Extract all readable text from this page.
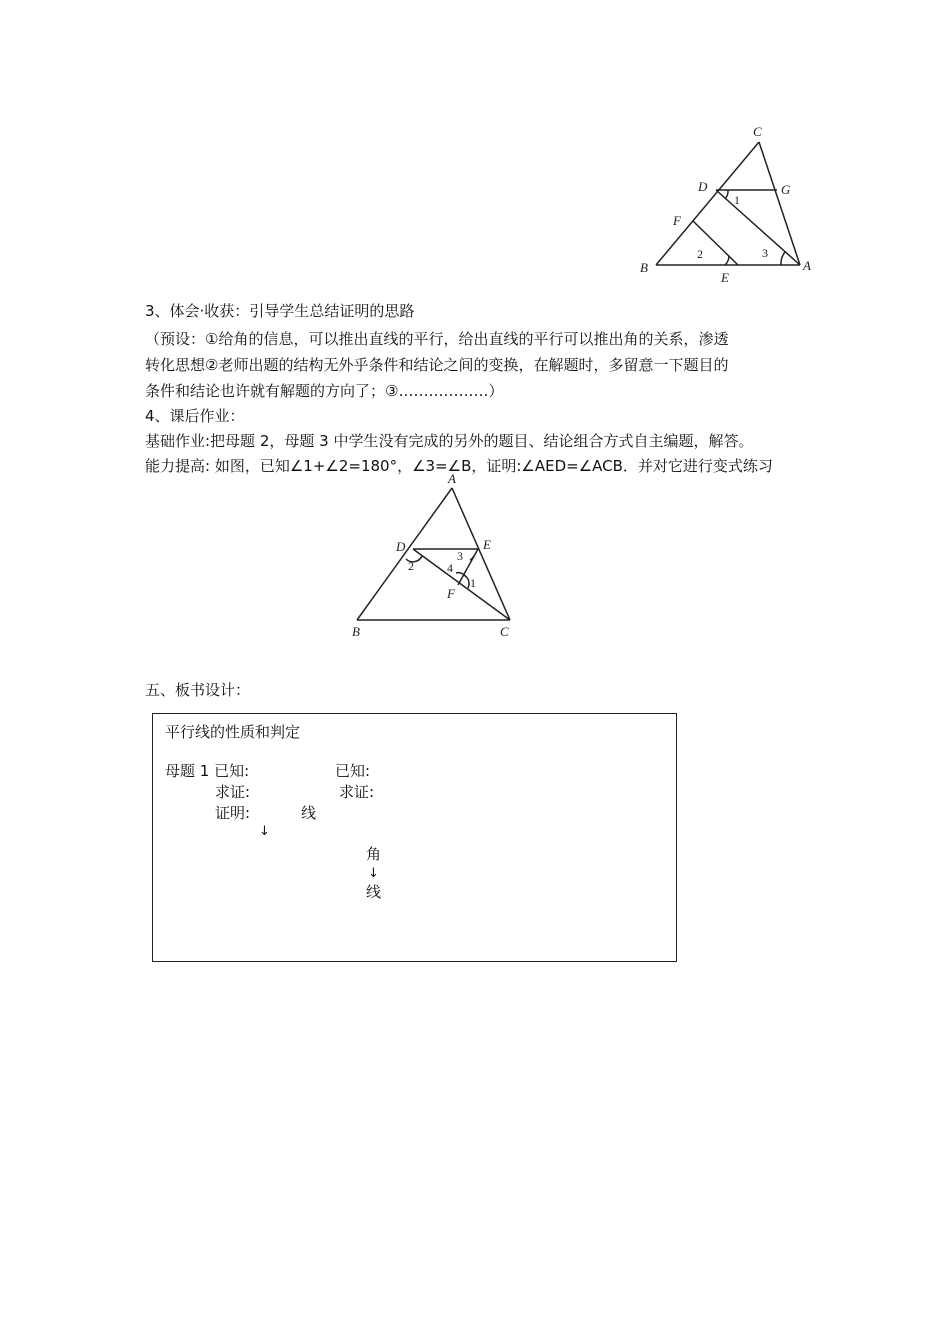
C
D	G
F
B
E
A
1
2	3
3、体会·收获：引导学生总结证明的思路
（预设：①给角的信息，可以推出直线的平行，给出直线的平行可以推出角的关系，渗透
转化思想②老师出题的结构无外乎条件和结论之间的变换，在解题时，多留意一下题目的
条件和结论也许就有解题的方向了；③………………）
4、课后作业：
基础作业:把母题 2，母题 3 中学生没有完成的另外的题目、结论组合方式自主编题，解答。
能力提高: 如图，已知∠1+∠2=180°，∠3=∠B，证明:∠AED=∠ACB．并对它进行变式练习
A
D	E
B	C
F
2
3
4
1
五、板书设计：
平行线的性质和判定
母题 1 已知:	已知:
求证:	求证:
证明:	线
↓
角
↓
线
